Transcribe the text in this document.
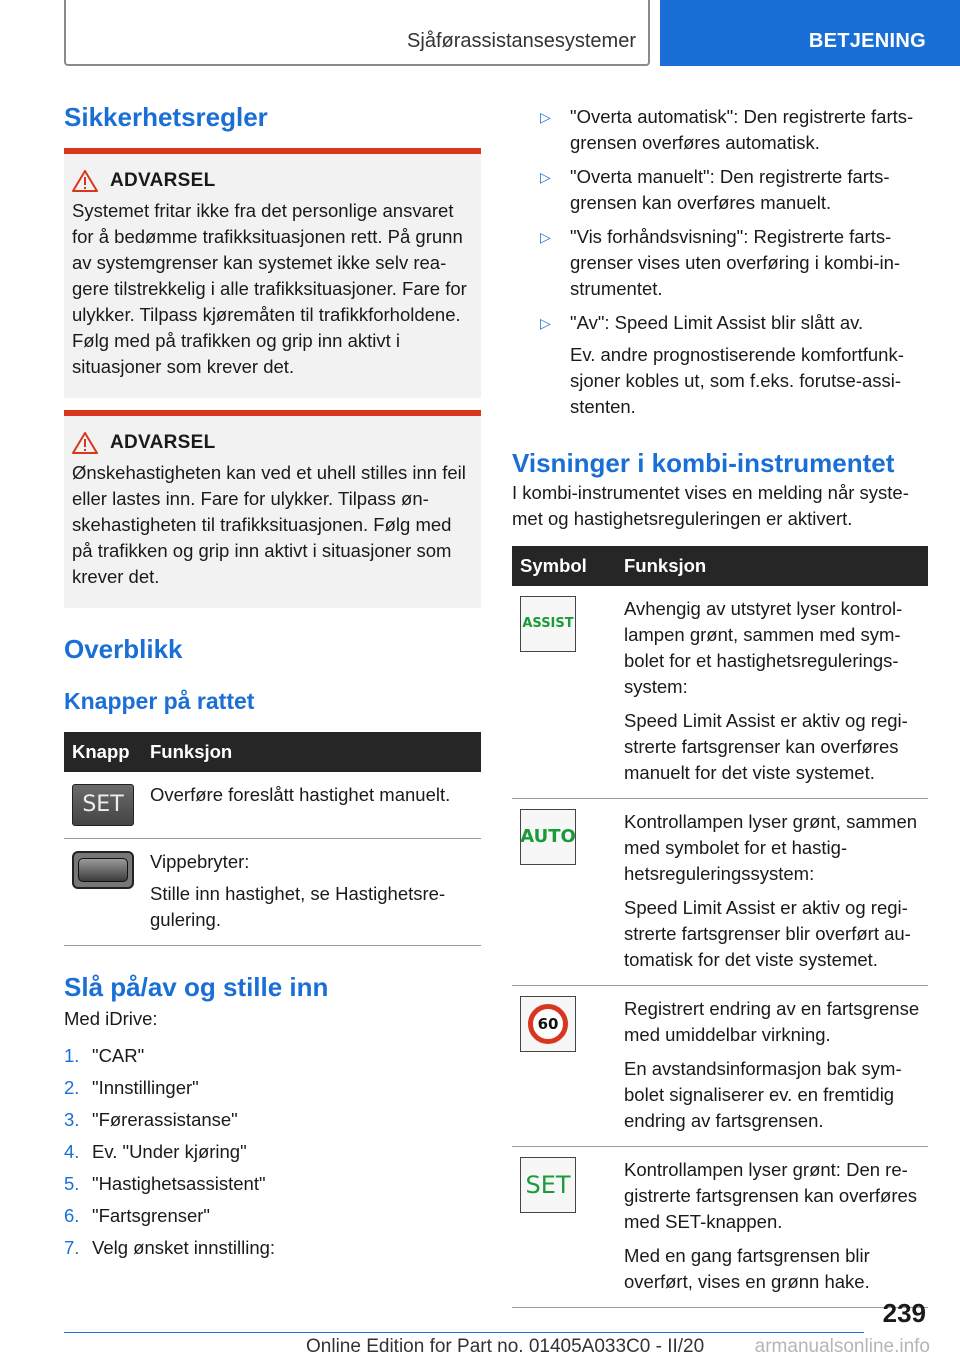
Sjåførassistansesystemer	BETJENING
Sikkerhetsregler
ADVARSEL

Systemet fritar ikke fra det personlige ansvaret for å bedømme trafikksituasjonen rett. På grunn av systemgrenser kan systemet ikke selv reagere tilstrekkelig i alle trafikksituasjoner. Fare for ulykker. Tilpass kjøremåten til trafikkforholdene. Følg med på trafikken og grip inn aktivt i situasjoner som krever det.

ADVARSEL

Ønskehastigheten kan ved et uhell stilles inn feil eller lastes inn. Fare for ulykker. Tilpass ønskehastigheten til trafikksituasjonen. Følg med på trafikken og grip inn aktivt i situasjoner som krever det.

Overblikk
Knapper på rattet
Knapp	Funksjon

SET	Overføre foreslått hastighet manuelt.

	Vippebryter:

Stille inn hastighet, se Hastighetsregulering.

Slå på/av og stille inn

Med iDrive:

1. "CAR"
2. "Innstillinger"
3. "Førerassistanse"
4. Ev. "Under kjøring"
5. "Hastighetsassistent"
6. "Fartsgrenser"
7. Velg ønsket innstilling:
▷	"Overta automatisk": Den registrerte fartsgrensen overføres automatisk.
▷	"Overta manuelt": Den registrerte fartsgrensen kan overføres manuelt.
▷	"Vis forhåndsvisning": Registrerte fartsgrenser vises uten overføring i kombi-instrumentet.
▷	"Av": Speed Limit Assist blir slått av.

Ev. andre prognostiserende komfortfunksjoner kobles ut, som f.eks. forutse-assistenten.

Visninger i kombi-instrumentet

I kombi-instrumentet vises en melding når systemet og hastighetsreguleringen er aktivert.

Symbol	Funksjon

ASSIST	Avhengig av utstyret lyser kontrollampen grønt, sammen med symbolet for et hastighetsreguleringssystem:

Speed Limit Assist er aktiv og registrerte fartsgrenser kan overføres manuelt for det viste systemet.

AUTO	Kontrollampen lyser grønt, sammen med symbolet for et hastighetsreguleringssystem:

Speed Limit Assist er aktiv og registrerte fartsgrenser blir overført automatisk for det viste systemet.

60	Registrert endring av en fartsgrense med umiddelbar virkning.

En avstandsinformasjon bak symbolet signaliserer ev. en fremtidig endring av fartsgrensen.

SET	Kontrollampen lyser grønt: Den registrerte fartsgrensen kan overføres med SET-knappen.

Med en gang fartsgrensen blir overført, vises en grønn hake.

239
Online Edition for Part no. 01405A033C0 - II/20	armanualsonline.info
